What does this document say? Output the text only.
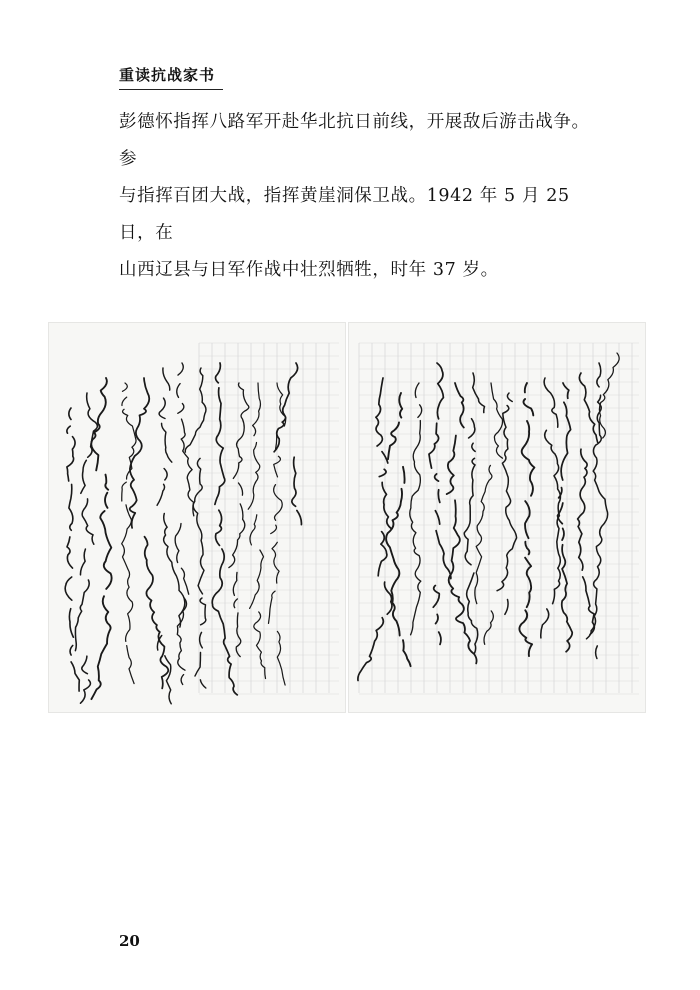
重读抗战家书

彭德怀指挥八路军开赴华北抗日前线，开展敌后游击战争。参

与指挥百团大战，指挥黄崖洞保卫战。1942 年 5 月 25 日，在

山西辽县与日军作战中壮烈牺牲，时年 37 岁。

20
